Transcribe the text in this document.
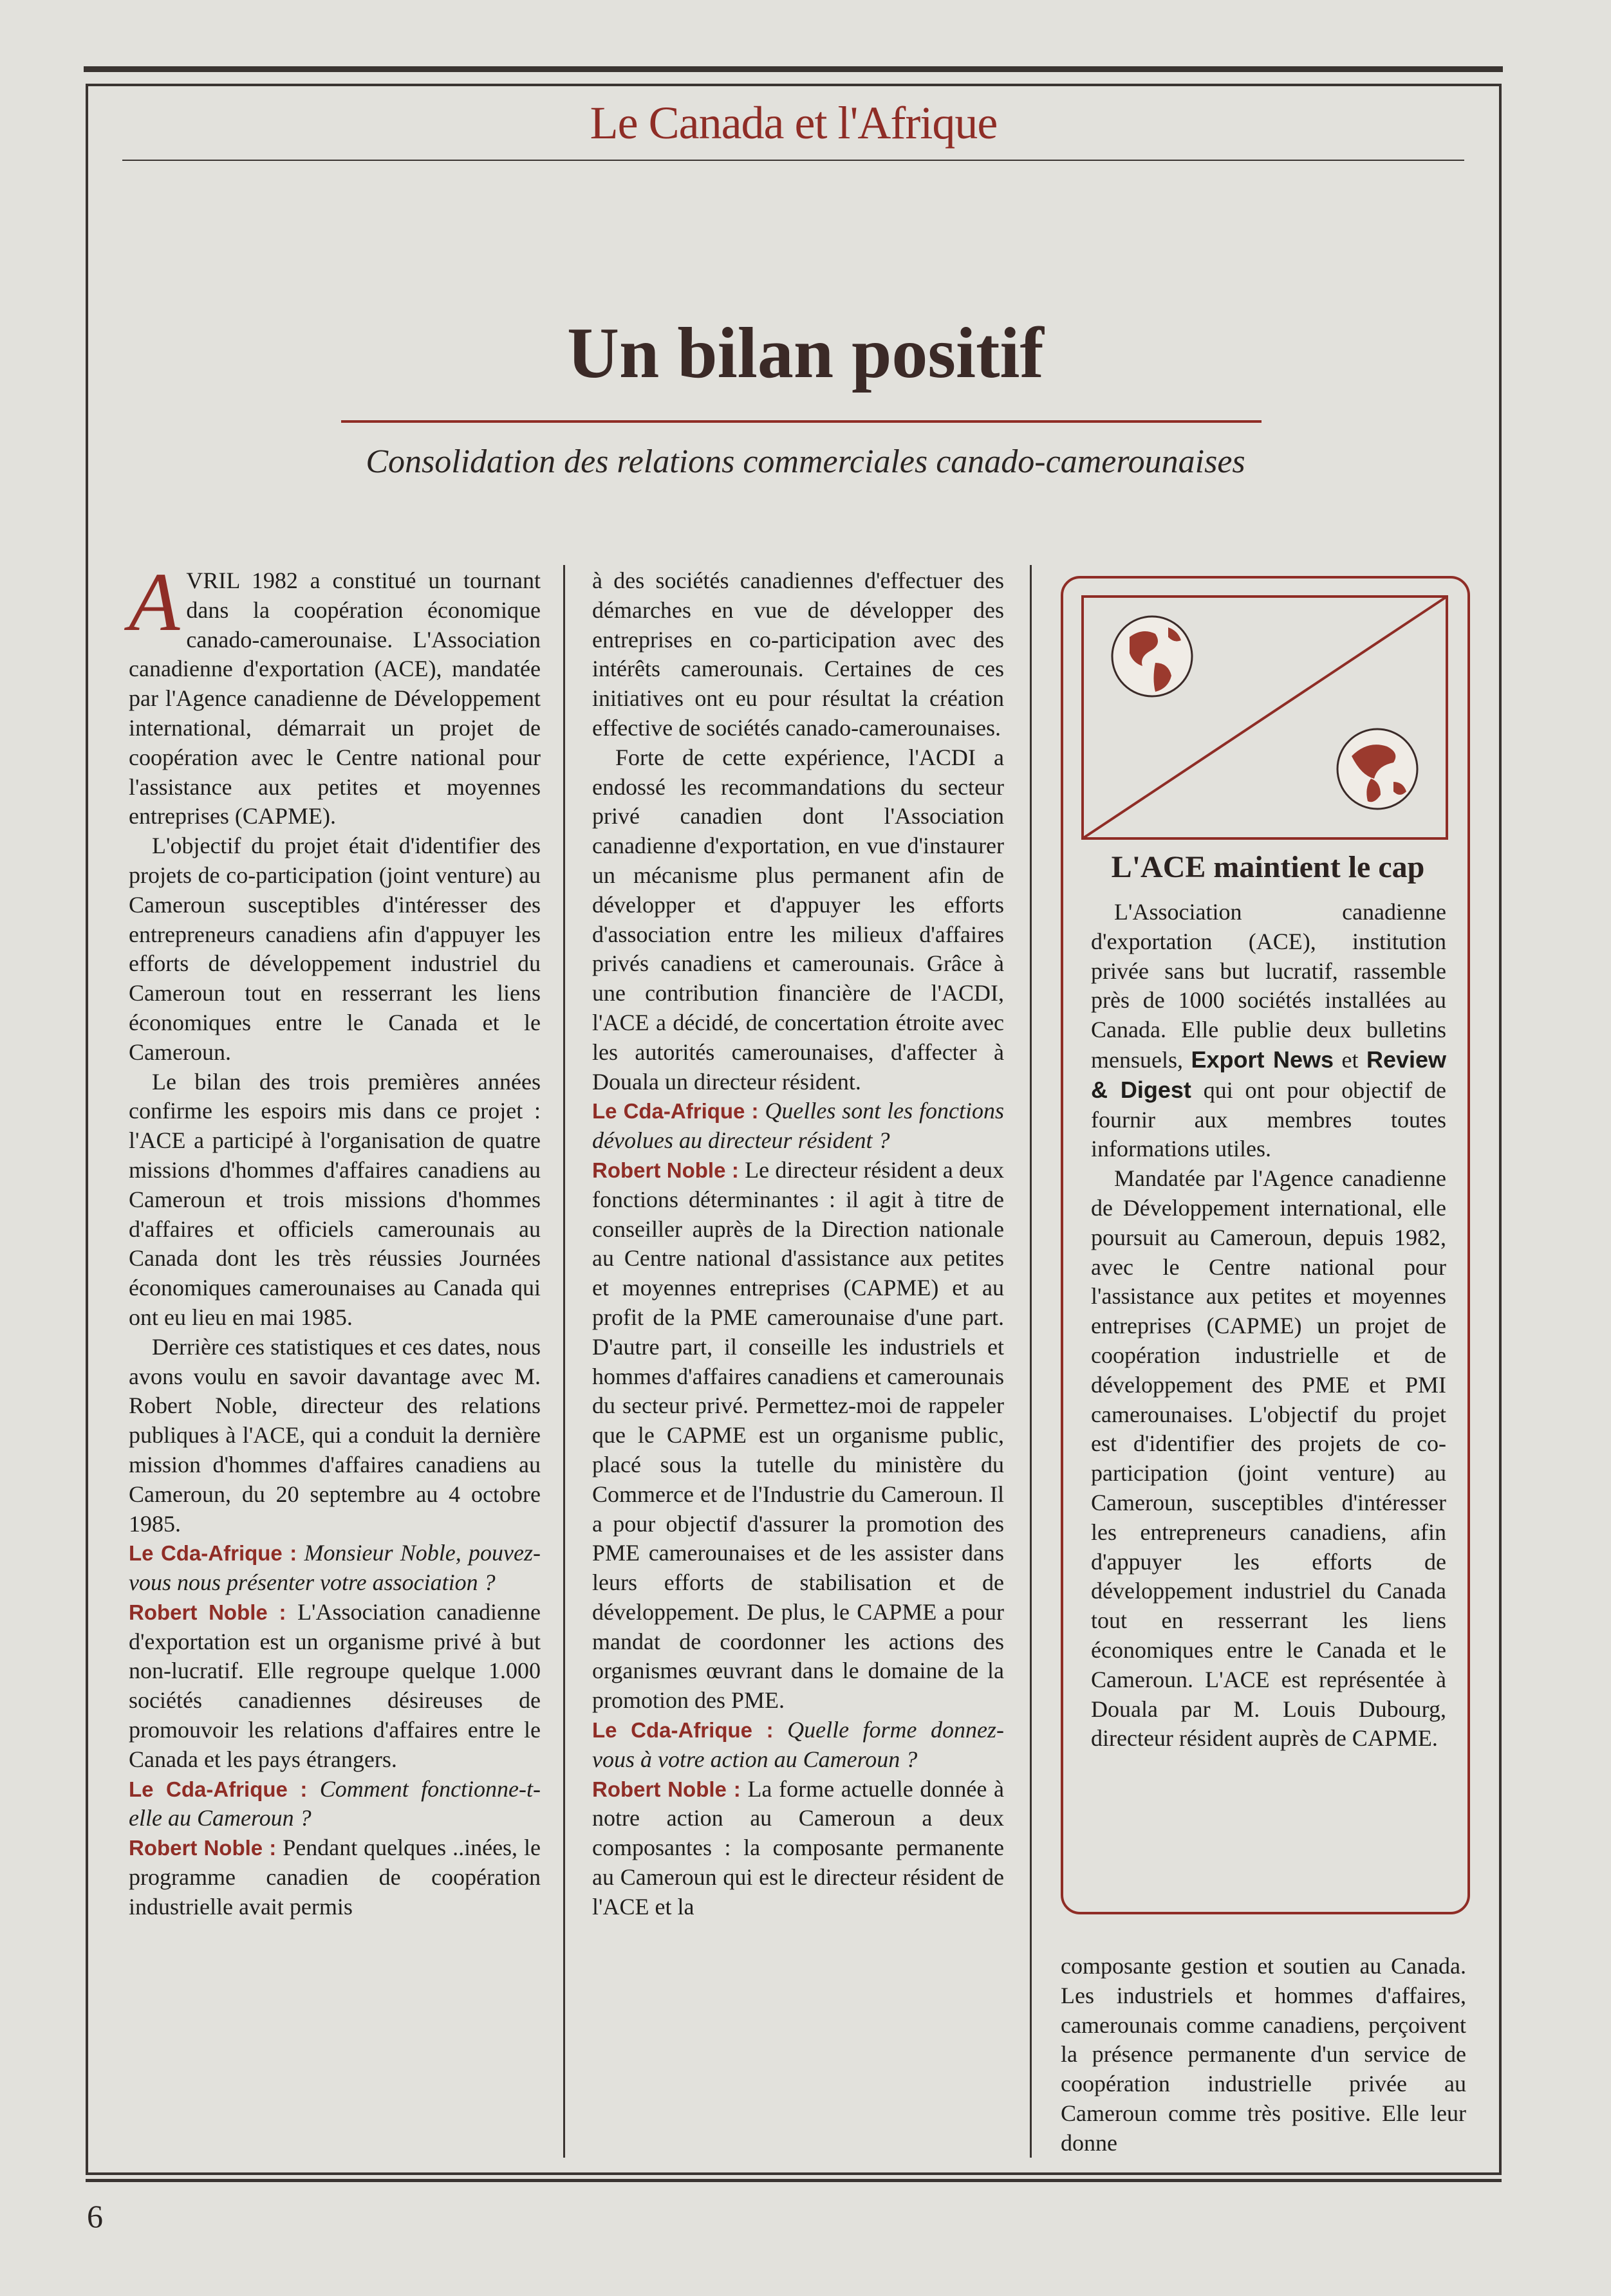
Le Canada et l'Afrique
Un bilan positif
Consolidation des relations commerciales canado-camerounaises

AVRIL 1982 a constitué un tournant dans la coopération économique canado-camerounaise. L'Association canadienne d'exportation (ACE), mandatée par l'Agence canadienne de Développement international, démarrait un projet de coopération avec le Centre national pour l'assistance aux petites et moyennes entreprises (CAPME).

L'objectif du projet était d'identifier des projets de co-participation (joint venture) au Cameroun susceptibles d'intéresser des entrepreneurs canadiens afin d'appuyer les efforts de développement industriel du Cameroun tout en resserrant les liens économiques entre le Canada et le Cameroun.

Le bilan des trois premières années confirme les espoirs mis dans ce projet : l'ACE a participé à l'organisation de quatre missions d'hommes d'affaires canadiens au Cameroun et trois missions d'hommes d'affaires et officiels camerounais au Canada dont les très réussies Journées économiques camerounaises au Canada qui ont eu lieu en mai 1985.

Derrière ces statistiques et ces dates, nous avons voulu en savoir davantage avec M. Robert Noble, directeur des relations publiques à l'ACE, qui a conduit la dernière mission d'hommes d'affaires canadiens au Cameroun, du 20 septembre au 4 octobre 1985.

Le Cda-Afrique : Monsieur Noble, pouvez-vous nous présenter votre association ?

Robert Noble : L'Association canadienne d'exportation est un organisme privé à but non-lucratif. Elle regroupe quelque 1.000 sociétés canadiennes désireuses de promouvoir les relations d'affaires entre le Canada et les pays étrangers.

Le Cda-Afrique : Comment fonctionne-t-elle au Cameroun ?

Robert Noble : Pendant quelques ..inées, le programme canadien de coopération industrielle avait permis

à des sociétés canadiennes d'effectuer des démarches en vue de développer des entreprises en co-participation avec des intérêts camerounais. Certaines de ces initiatives ont eu pour résultat la création effective de sociétés canado-camerounaises.

Forte de cette expérience, l'ACDI a endossé les recommandations du secteur privé canadien dont l'Association canadienne d'exportation, en vue d'instaurer un mécanisme plus permanent afin de développer et d'appuyer les efforts d'association entre les milieux d'affaires privés canadiens et camerounais. Grâce à une contribution financière de l'ACDI, l'ACE a décidé, de concertation étroite avec les autorités camerounaises, d'affecter à Douala un directeur résident.

Le Cda-Afrique : Quelles sont les fonctions dévolues au directeur résident ?

Robert Noble : Le directeur résident a deux fonctions déterminantes : il agit à titre de conseiller auprès de la Direction nationale au Centre national d'assistance aux petites et moyennes entreprises (CAPME) et au profit de la PME camerounaise d'une part. D'autre part, il conseille les industriels et hommes d'affaires canadiens et camerounais du secteur privé. Permettez-moi de rappeler que le CAPME est un organisme public, placé sous la tutelle du ministère du Commerce et de l'Industrie du Cameroun. Il a pour objectif d'assurer la promotion des PME camerounaises et de les assister dans leurs efforts de stabilisation et de développement. De plus, le CAPME a pour mandat de coordonner les actions des organismes œuvrant dans le domaine de la promotion des PME.

Le Cda-Afrique : Quelle forme donnez-vous à votre action au Cameroun ?

Robert Noble : La forme actuelle donnée à notre action au Cameroun a deux composantes : la composante permanente au Cameroun qui est le directeur résident de l'ACE et la

L'ACE maintient le cap

L'Association canadienne d'exportation (ACE), institution privée sans but lucratif, rassemble près de 1000 sociétés installées au Canada. Elle publie deux bulletins mensuels, Export News et Review & Digest qui ont pour objectif de fournir aux membres toutes informations utiles.

Mandatée par l'Agence canadienne de Développement international, elle poursuit au Cameroun, depuis 1982, avec le Centre national pour l'assistance aux petites et moyennes entreprises (CAPME) un projet de coopération industrielle et de développement des PME et PMI camerounaises. L'objectif du projet est d'identifier des projets de co-participation (joint venture) au Cameroun, susceptibles d'intéresser les entrepreneurs canadiens, afin d'appuyer les efforts de développement industriel du Canada tout en resserrant les liens économiques entre le Canada et le Cameroun. L'ACE est représentée à Douala par M. Louis Dubourg, directeur résident auprès de CAPME.

composante gestion et soutien au Canada. Les industriels et hommes d'affaires, camerounais comme canadiens, perçoivent la présence permanente d'un service de coopération industrielle privée au Cameroun comme très positive. Elle leur donne

6
